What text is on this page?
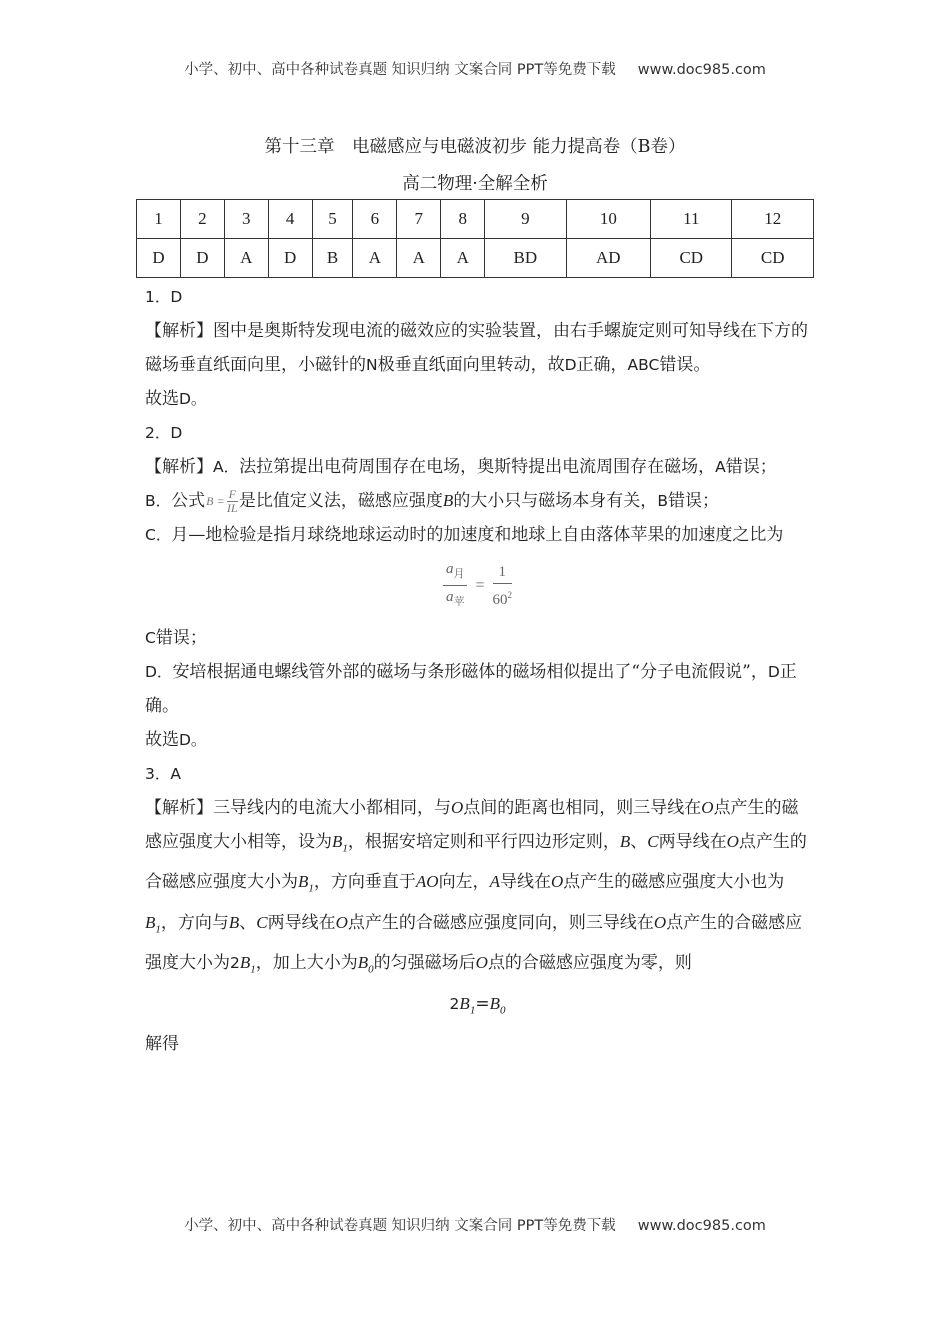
小学、初中、高中各种试卷真题 知识归纳 文案合同 PPT等免费下载 www.doc985.com
第十三章　电磁感应与电磁波初步 能力提高卷（B卷）
高二物理·全解全析
1	2	3	4	5	6	7	8	9	10	11	12
D	D	A	D	B	A	A	A	BD	AD	CD	CD

1．D

【解析】图中是奥斯特发现电流的磁效应的实验装置，由右手螺旋定则可知导线在下方的磁场垂直纸面向里，小磁针的N极垂直纸面向里转动，故D正确，ABC错误。

故选D。

2．D

【解析】A．法拉第提出电荷周围存在电场，奥斯特提出电流周围存在磁场，A错误；

B．公式 $B = \frac{F}{IL}$ 是比值定义法，磁感应强度B的大小只与磁场本身有关，B错误；

C．月—地检验是指月球绕地球运动时的加速度和地球上自由落体苹果的加速度之比为

$\frac{a_月}{a_苹} = \frac{1}{60^2}$

C错误；

D．安培根据通电螺线管外部的磁场与条形磁体的磁场相似提出了“分子电流假说”，D正确。

故选D。

3．A

【解析】三导线内的电流大小都相同，与O点间的距离也相同，则三导线在O点产生的磁感应强度大小相等，设为$B_1$，根据安培定则和平行四边形定则，B、C两导线在O点产生的合磁感应强度大小为$B_1$，方向垂直于AO向左，A导线在O点产生的磁感应强度大小也为$B_1$，方向与B、C两导线在O点产生的合磁感应强度同向，则三导线在O点产生的合磁感应强度大小为$2B_1$，加上大小为$B_0$的匀强磁场后O点的合磁感应强度为零，则

$2B_1=B_0$

解得

小学、初中、高中各种试卷真题 知识归纳 文案合同 PPT等免费下载 www.doc985.com
